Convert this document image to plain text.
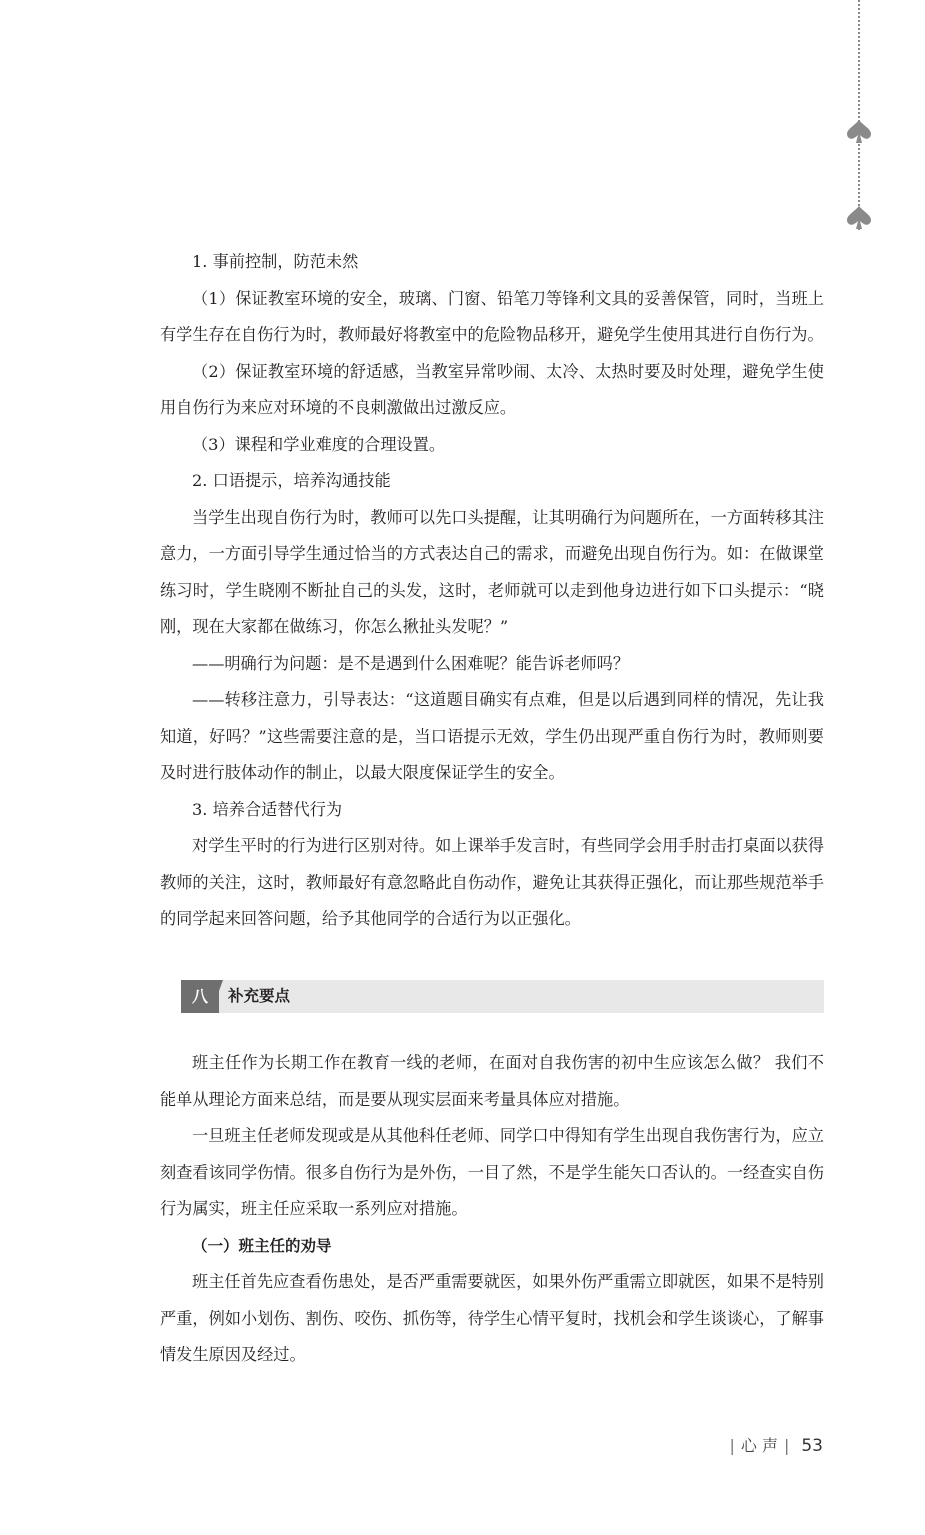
1. 事前控制，防范未然

（1）保证教室环境的安全，玻璃、门窗、铅笔刀等锋利文具的妥善保管，同时，当班上有学生存在自伤行为时，教师最好将教室中的危险物品移开，避免学生使用其进行自伤行为。

（2）保证教室环境的舒适感，当教室异常吵闹、太冷、太热时要及时处理，避免学生使用自伤行为来应对环境的不良刺激做出过激反应。

（3）课程和学业难度的合理设置。

2. 口语提示，培养沟通技能

当学生出现自伤行为时，教师可以先口头提醒，让其明确行为问题所在，一方面转移其注意力，一方面引导学生通过恰当的方式表达自己的需求，而避免出现自伤行为。如：在做课堂练习时，学生晓刚不断扯自己的头发，这时，老师就可以走到他身边进行如下口头提示：“晓刚，现在大家都在做练习，你怎么揪扯头发呢？”

——明确行为问题：是不是遇到什么困难呢？能告诉老师吗？

——转移注意力，引导表达：“这道题目确实有点难，但是以后遇到同样的情况，先让我知道，好吗？”这些需要注意的是，当口语提示无效，学生仍出现严重自伤行为时，教师则要及时进行肢体动作的制止，以最大限度保证学生的安全。

3. 培养合适替代行为

对学生平时的行为进行区别对待。如上课举手发言时，有些同学会用手肘击打桌面以获得教师的关注，这时，教师最好有意忽略此自伤动作，避免让其获得正强化，而让那些规范举手的同学起来回答问题，给予其他同学的合适行为以正强化。

八	补充要点

班主任作为长期工作在教育一线的老师，在面对自我伤害的初中生应该怎么做？ 我们不能单从理论方面来总结，而是要从现实层面来考量具体应对措施。

一旦班主任老师发现或是从其他科任老师、同学口中得知有学生出现自我伤害行为，应立刻查看该同学伤情。很多自伤行为是外伤，一目了然，不是学生能矢口否认的。一经查实自伤行为属实，班主任应采取一系列应对措施。

（一）班主任的劝导

班主任首先应查看伤患处，是否严重需要就医，如果外伤严重需立即就医，如果不是特别严重，例如小划伤、割伤、咬伤、抓伤等，待学生心情平复时，找机会和学生谈谈心，了解事情发生原因及经过。

| 心 声 | 53
